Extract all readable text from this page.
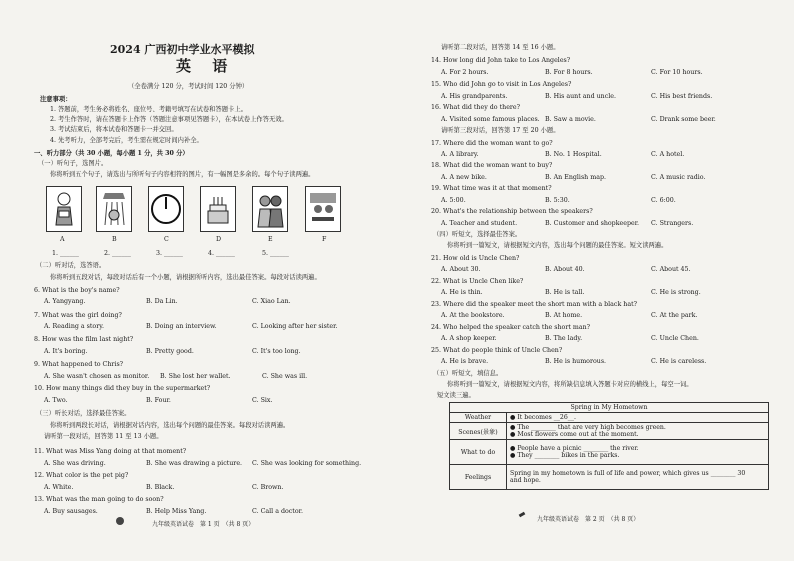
2024 广西初中学业水平模拟
英 语
（全卷满分 120 分，考试时间 120 分钟）
注意事项：
1. 答题前，考生务必将姓名、座位号、考籍号填写在试卷和答题卡上。
2. 考生作答时，请在答题卡上作答（答题注意事项见答题卡），在本试卷上作答无效。
3. 考试结束后，将本试卷和答题卡一并交回。
4. 先考听力，全部考完后，考生需在规定时间内补全。
一、听力部分（共 30 小题，每小题 1 分，共 30 分）
（一）听句子，选图片。
你将听到五个句子，请选出与所听句子内容相符的图片，有一幅图是多余的。每个句子读两遍。
A	B	C	D	E	F
1. ______	2. ______	3. ______	4. ______	5. ______
（二）听对话，选答语。
你将听到五段对话，每段对话后有一个小题，请根据所听内容，选出最佳答案。每段对话读两遍。
6. What is the boy's name?
A. Yangyang.	B. Da Lin.	C. Xiao Lan.
7. What was the girl doing?
A. Reading a story.	B. Doing an interview.	C. Looking after her sister.
8. How was the film last night?
A. It's boring.	B. Pretty good.	C. It's too long.
9. What happened to Chris?
A. She wasn't chosen as monitor. B. She lost her wallet.	C. She was ill.
10. How many things did they buy in the supermarket?
A. Two.	B. Four.	C. Six.
（三）听长对话，选择最佳答案。
你将听到两段长对话，请根据对话内容，选出每个问题的最佳答案。每段对话读两遍。
请听第一段对话，回答第 11 至 13 小题。
11. What was Miss Yang doing at that moment?
A. She was driving.	B. She was drawing a picture. C. She was looking for something.
12. What color is the pet pig?
A. White.	B. Black.	C. Brown.
13. What was the man going to do soon?
A. Buy sausages.	B. Help Miss Yang.	C. Call a doctor.
九年级英语试卷　第 1 页　（共 8 页）
请听第二段对话，回答第 14 至 16 小题。
14. How long did John take to Los Angeles?
A. For 2 hours.	B. For 8 hours.	C. For 10 hours.
15. Who did John go to visit in Los Angeles?
A. His grandparents.	B. His aunt and uncle.	C. His best friends.
16. What did they do there?
A. Visited some famous places. B. Saw a movie.	C. Drank some beer.
请听第三段对话，回答第 17 至 20 小题。
17. Where did the woman want to go?
A. A library.	B. No. 1 Hospital.	C. A hotel.
18. What did the woman want to buy?
A. A new bike.	B. An English map.	C. A music radio.
19. What time was it at that moment?
A. 5:00.	B. 5:30.	C. 6:00.
20. What's the relationship between the speakers?
A. Teacher and student.	B. Customer and shopkeeper. C. Strangers.
（四）听短文，选择最佳答案。
你将听到一篇短文，请根据短文内容，选出每个问题的最佳答案。短文读两遍。
21. How old is Uncle Chen?
A. About 30.	B. About 40.	C. About 45.
22. What is Uncle Chen like?
A. He is thin.	B. He is tall.	C. He is strong.
23. Where did the speaker meet the short man with a black hat?
A. At the bookstore.	B. At home.	C. At the park.
24. Who helped the speaker catch the short man?
A. A shop keeper.	B. The lady.	C. Uncle Chen.
25. What do people think of Uncle Chen?
A. He is brave.	B. He is humorous.	C. He is careless.
（五）听短文，填信息。
你将听到一篇短文，请根据短文内容，将所缺信息填入答题卡对应的横线上，每空一词。
短文读三遍。
Spring in My Hometown	
Weather	● It becomes __26__.
Scenes(景象)	● The ________ that are very high becomes green.
● Most flowers come out at the moment.

What to do	● People have a picnic ________ the river.
● They ________ bikes in the parks.

Feelings	Spring in my hometown is full of life and power, which gives us ________ 30
and hope.
九年级英语试卷　第 2 页　（共 8 页）
